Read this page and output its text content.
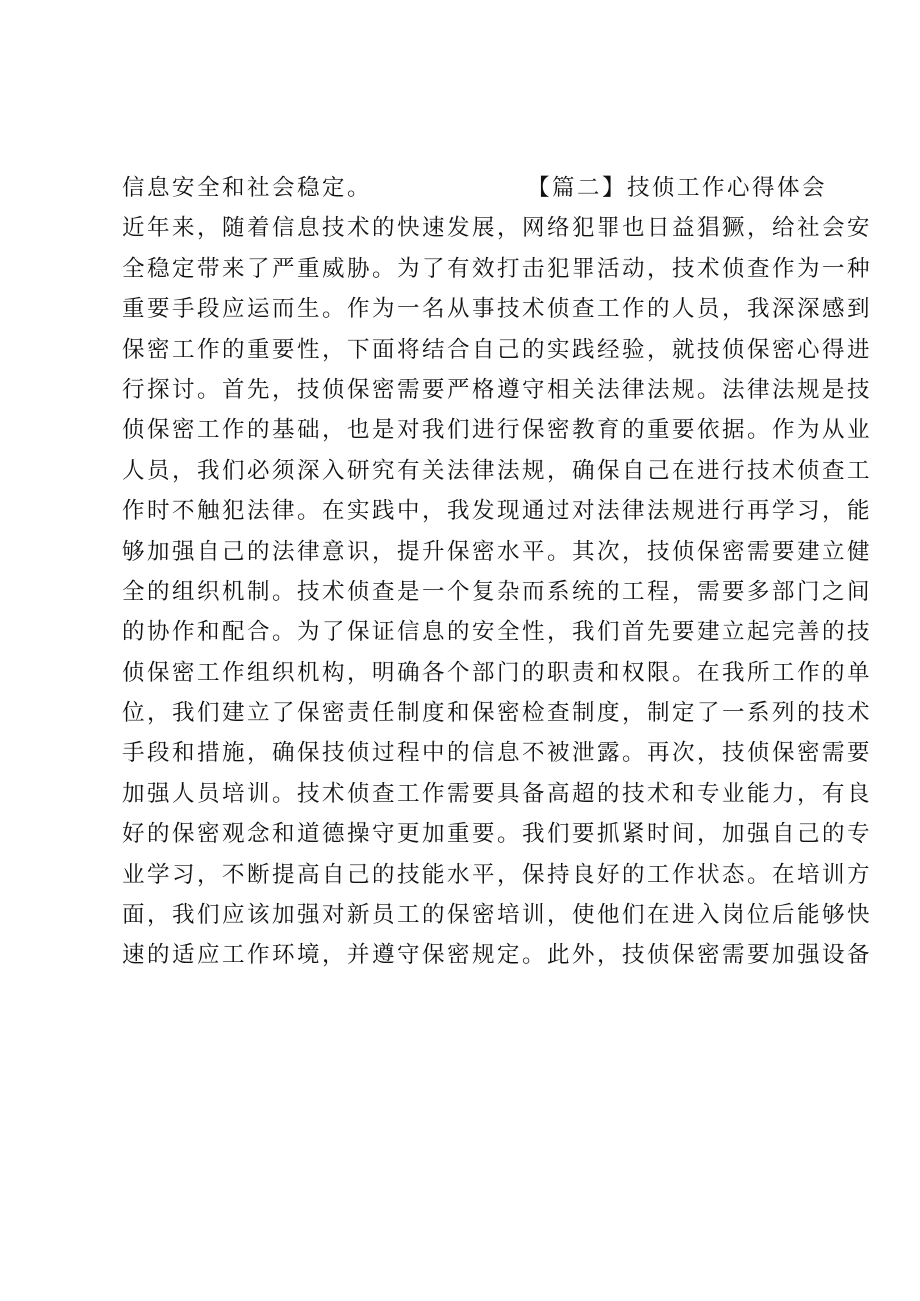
信息安全和社会稳定。	【篇二】技侦工作心得体会
近年来，随着信息技术的快速发展，网络犯罪也日益猖獗，给社会安
全稳定带来了严重威胁。为了有效打击犯罪活动，技术侦查作为一种
重要手段应运而生。作为一名从事技术侦查工作的人员，我深深感到
保密工作的重要性，下面将结合自己的实践经验，就技侦保密心得进
行探讨。首先，技侦保密需要严格遵守相关法律法规。法律法规是技
侦保密工作的基础，也是对我们进行保密教育的重要依据。作为从业
人员，我们必须深入研究有关法律法规，确保自己在进行技术侦查工
作时不触犯法律。在实践中，我发现通过对法律法规进行再学习，能
够加强自己的法律意识，提升保密水平。其次，技侦保密需要建立健
全的组织机制。技术侦查是一个复杂而系统的工程，需要多部门之间
的协作和配合。为了保证信息的安全性，我们首先要建立起完善的技
侦保密工作组织机构，明确各个部门的职责和权限。在我所工作的单
位，我们建立了保密责任制度和保密检查制度，制定了一系列的技术
手段和措施，确保技侦过程中的信息不被泄露。再次，技侦保密需要
加强人员培训。技术侦查工作需要具备高超的技术和专业能力，有良
好的保密观念和道德操守更加重要。我们要抓紧时间，加强自己的专
业学习，不断提高自己的技能水平，保持良好的工作状态。在培训方
面，我们应该加强对新员工的保密培训，使他们在进入岗位后能够快
速的适应工作环境，并遵守保密规定。此外，技侦保密需要加强设备
